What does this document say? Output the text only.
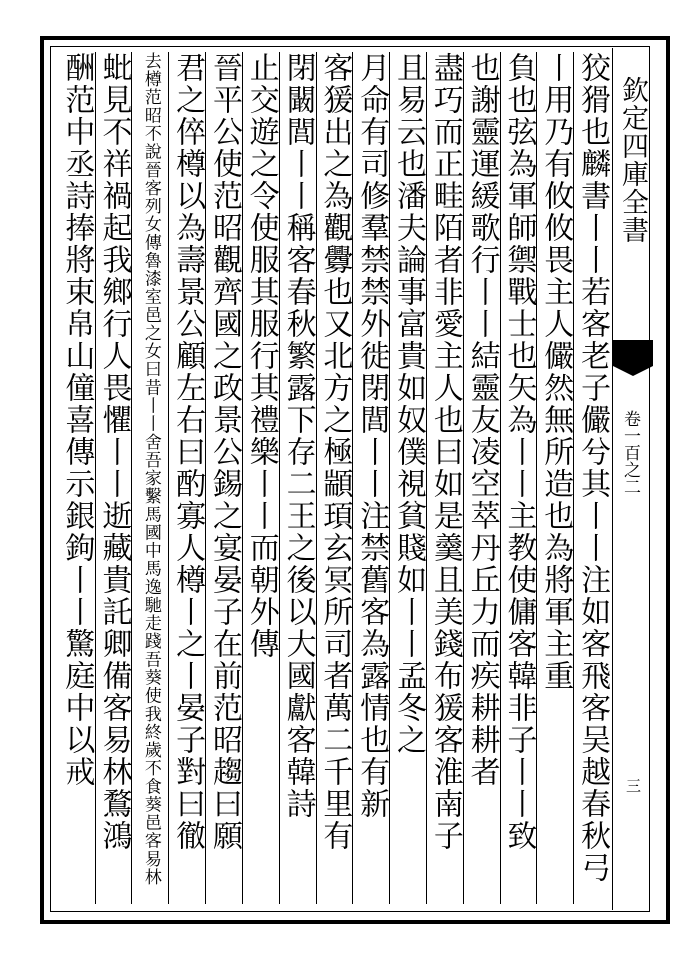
欽定四庫全書
卷一百之二
三
狡猾也麟書丨丨若客老子儼兮其丨丨注如客飛客吴越春秋弓
丨用乃有攸攸畏主人儼然無所造也為將軍主重
負也弦為軍師禦戰士也矢為丨丨主教使傭客韓非子丨丨致
也謝靈運緩歌行丨丨結靈友凌空萃丹丘力而疾耕耕者
盡巧而正畦陌者非愛主人也曰如是羹且美錢布猨客淮南子
且易云也潘夫論事富貴如奴僕視貧賤如丨丨孟冬之
月命有司修羣禁禁外徙閉閭丨丨注禁舊客為露情也有新
客猨出之為觀釁也又北方之極顓頊玄冥所司者萬二千里有
閉闞閭丨丨稱客春秋繁露下存二王之後以大國獻客韓詩
止交遊之令使服其服行其禮樂丨丨而朝外傳
晉平公使范昭觀齊國之政景公錫之宴晏子在前范昭趨曰願
君之倅樽以為壽景公顧左右曰酌寡人樽丨之丨晏子對曰徹
去樽范昭不說晉客列女傳魯漆室邑之女曰昔丨丨舍吾家繫馬國中馬逸馳走踐吾葵使我終歲不食葵邑客易林
蚍見不祥禍起我鄉行人畏懼丨丨逝藏貴託卿備客易林鶩鴻
酬范中丞詩捧將束帛山僮喜傳示銀鉤丨丨驚庭中以戒
